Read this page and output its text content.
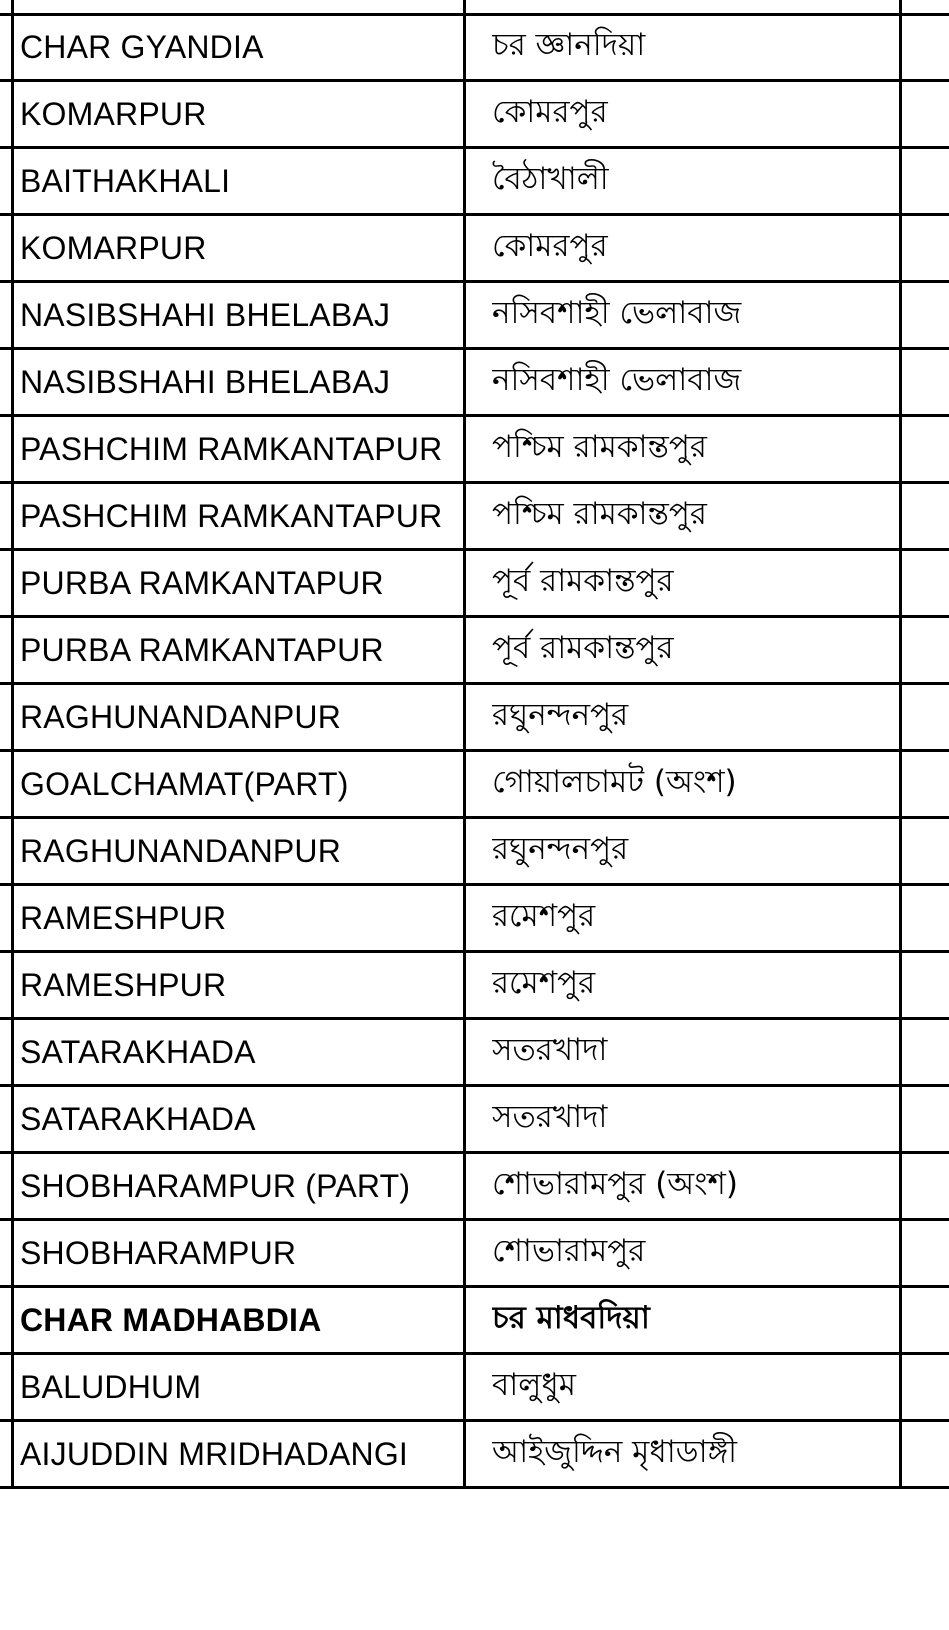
CHAR GYANDIA	চর জ্ঞানদিয়া
KOMARPUR	কোমরপুর
BAITHAKHALI	বৈঠাখালী
KOMARPUR	কোমরপুর
NASIBSHAHI BHELABAJ	নসিবশাহী ভেলাবাজ
NASIBSHAHI BHELABAJ	নসিবশাহী ভেলাবাজ
PASHCHIM RAMKANTAPUR	পশ্চিম রামকান্তপুর
PASHCHIM RAMKANTAPUR	পশ্চিম রামকান্তপুর
PURBA RAMKANTAPUR	পূর্ব রামকান্তপুর
PURBA RAMKANTAPUR	পূর্ব রামকান্তপুর
RAGHUNANDANPUR	রঘুনন্দনপুর
GOALCHAMAT(PART)	গোয়ালচামট (অংশ)
RAGHUNANDANPUR	রঘুনন্দনপুর
RAMESHPUR	রমেশপুর
RAMESHPUR	রমেশপুর
SATARAKHADA	সতরখাদা
SATARAKHADA	সতরখাদা
SHOBHARAMPUR (PART)	শোভারামপুর (অংশ)
SHOBHARAMPUR	শোভারামপুর
CHAR MADHABDIA	চর মাধবদিয়া
BALUDHUM	বালুধুম
AIJUDDIN MRIDHADANGI	আইজুদ্দিন মৃধাডাঙ্গী
